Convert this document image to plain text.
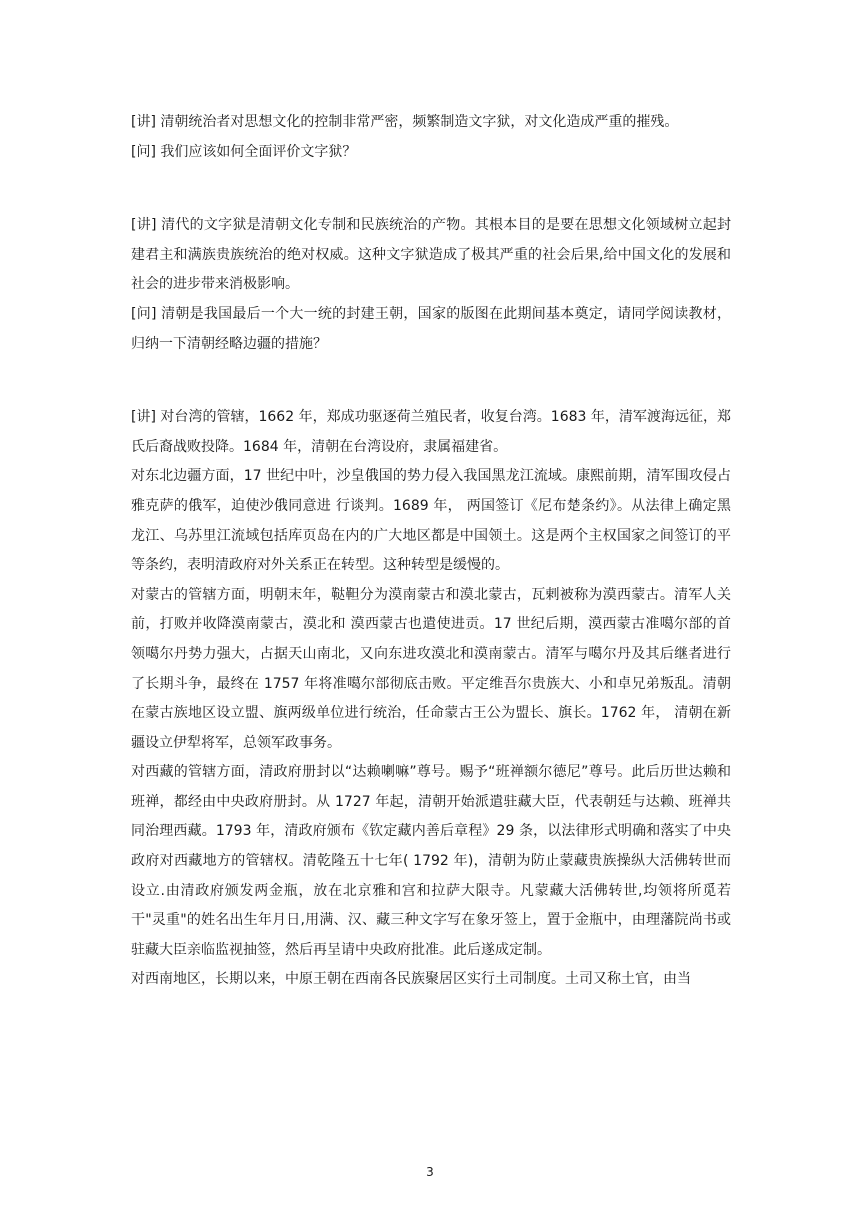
[讲] 清朝统治者对思想文化的控制非常严密，频繁制造文字狱，对文化造成严重的摧残。

[问] 我们应该如何全面评价文字狱？

[讲] 清代的文字狱是清朝文化专制和民族统治的产物。其根本目的是要在思想文化领域树立起封建君主和满族贵族统治的绝对权威。这种文字狱造成了极其严重的社会后果,给中国文化的发展和社会的进步带来消极影响。

[问] 清朝是我国最后一个大一统的封建王朝，国家的版图在此期间基本奠定，请同学阅读教材，归纳一下清朝经略边疆的措施？

[讲] 对台湾的管辖，1662 年，郑成功驱逐荷兰殖民者，收复台湾。1683 年，清军渡海远征，郑氏后裔战败投降。1684 年，清朝在台湾设府，隶属福建省。

对东北边疆方面，17 世纪中叶，沙皇俄国的势力侵入我国黑龙江流域。康熙前期，清军围攻侵占雅克萨的俄军，迫使沙俄同意进 行谈判。1689 年， 两国签订《尼布楚条约》。从法律上确定黑龙江、乌苏里江流域包括库页岛在内的广大地区都是中国领土。这是两个主权国家之间签订的平等条约，表明清政府对外关系正在转型。这种转型是缓慢的。

对蒙古的管辖方面，明朝末年，鞑靼分为漠南蒙古和漠北蒙古，瓦剌被称为漠西蒙古。清军人关前，打败并收降漠南蒙古，漠北和 漠西蒙古也遣使进贡。17 世纪后期，漠西蒙古准噶尔部的首领噶尔丹势力强大，占据天山南北，又向东进攻漠北和漠南蒙古。清军与噶尔丹及其后继者进行了长期斗争，最终在 1757 年将准噶尔部彻底击败。平定维吾尔贵族大、小和卓兄弟叛乱。清朝在蒙古族地区设立盟、旗两级单位进行统治，任命蒙古王公为盟长、旗长。1762 年， 清朝在新疆设立伊犁将军，总领军政事务。

对西藏的管辖方面，清政府册封以“达赖喇嘛”尊号。赐予“班禅额尔德尼”尊号。此后历世达赖和班禅，都经由中央政府册封。从 1727 年起，清朝开始派遣驻藏大臣，代表朝廷与达赖、班禅共同治理西藏。1793 年，清政府颁布《钦定藏内善后章程》29 条，以法律形式明确和落实了中央政府对西藏地方的管辖权。清乾隆五十七年( 1792 年)，清朝为防止蒙藏贵族操纵大活佛转世而设立.由清政府颁发两金瓶，放在北京雅和宫和拉萨大限寺。凡蒙藏大活佛转世,均领将所觅若干"灵重"的姓名出生年月日,用满、汉、藏三种文字写在象牙签上，置于金瓶中，由理藩院尚书或驻藏大臣亲临监视抽签，然后再呈请中央政府批准。此后遂成定制。

对西南地区，长期以来，中原王朝在西南各民族聚居区实行土司制度。土司又称土官，由当

3
